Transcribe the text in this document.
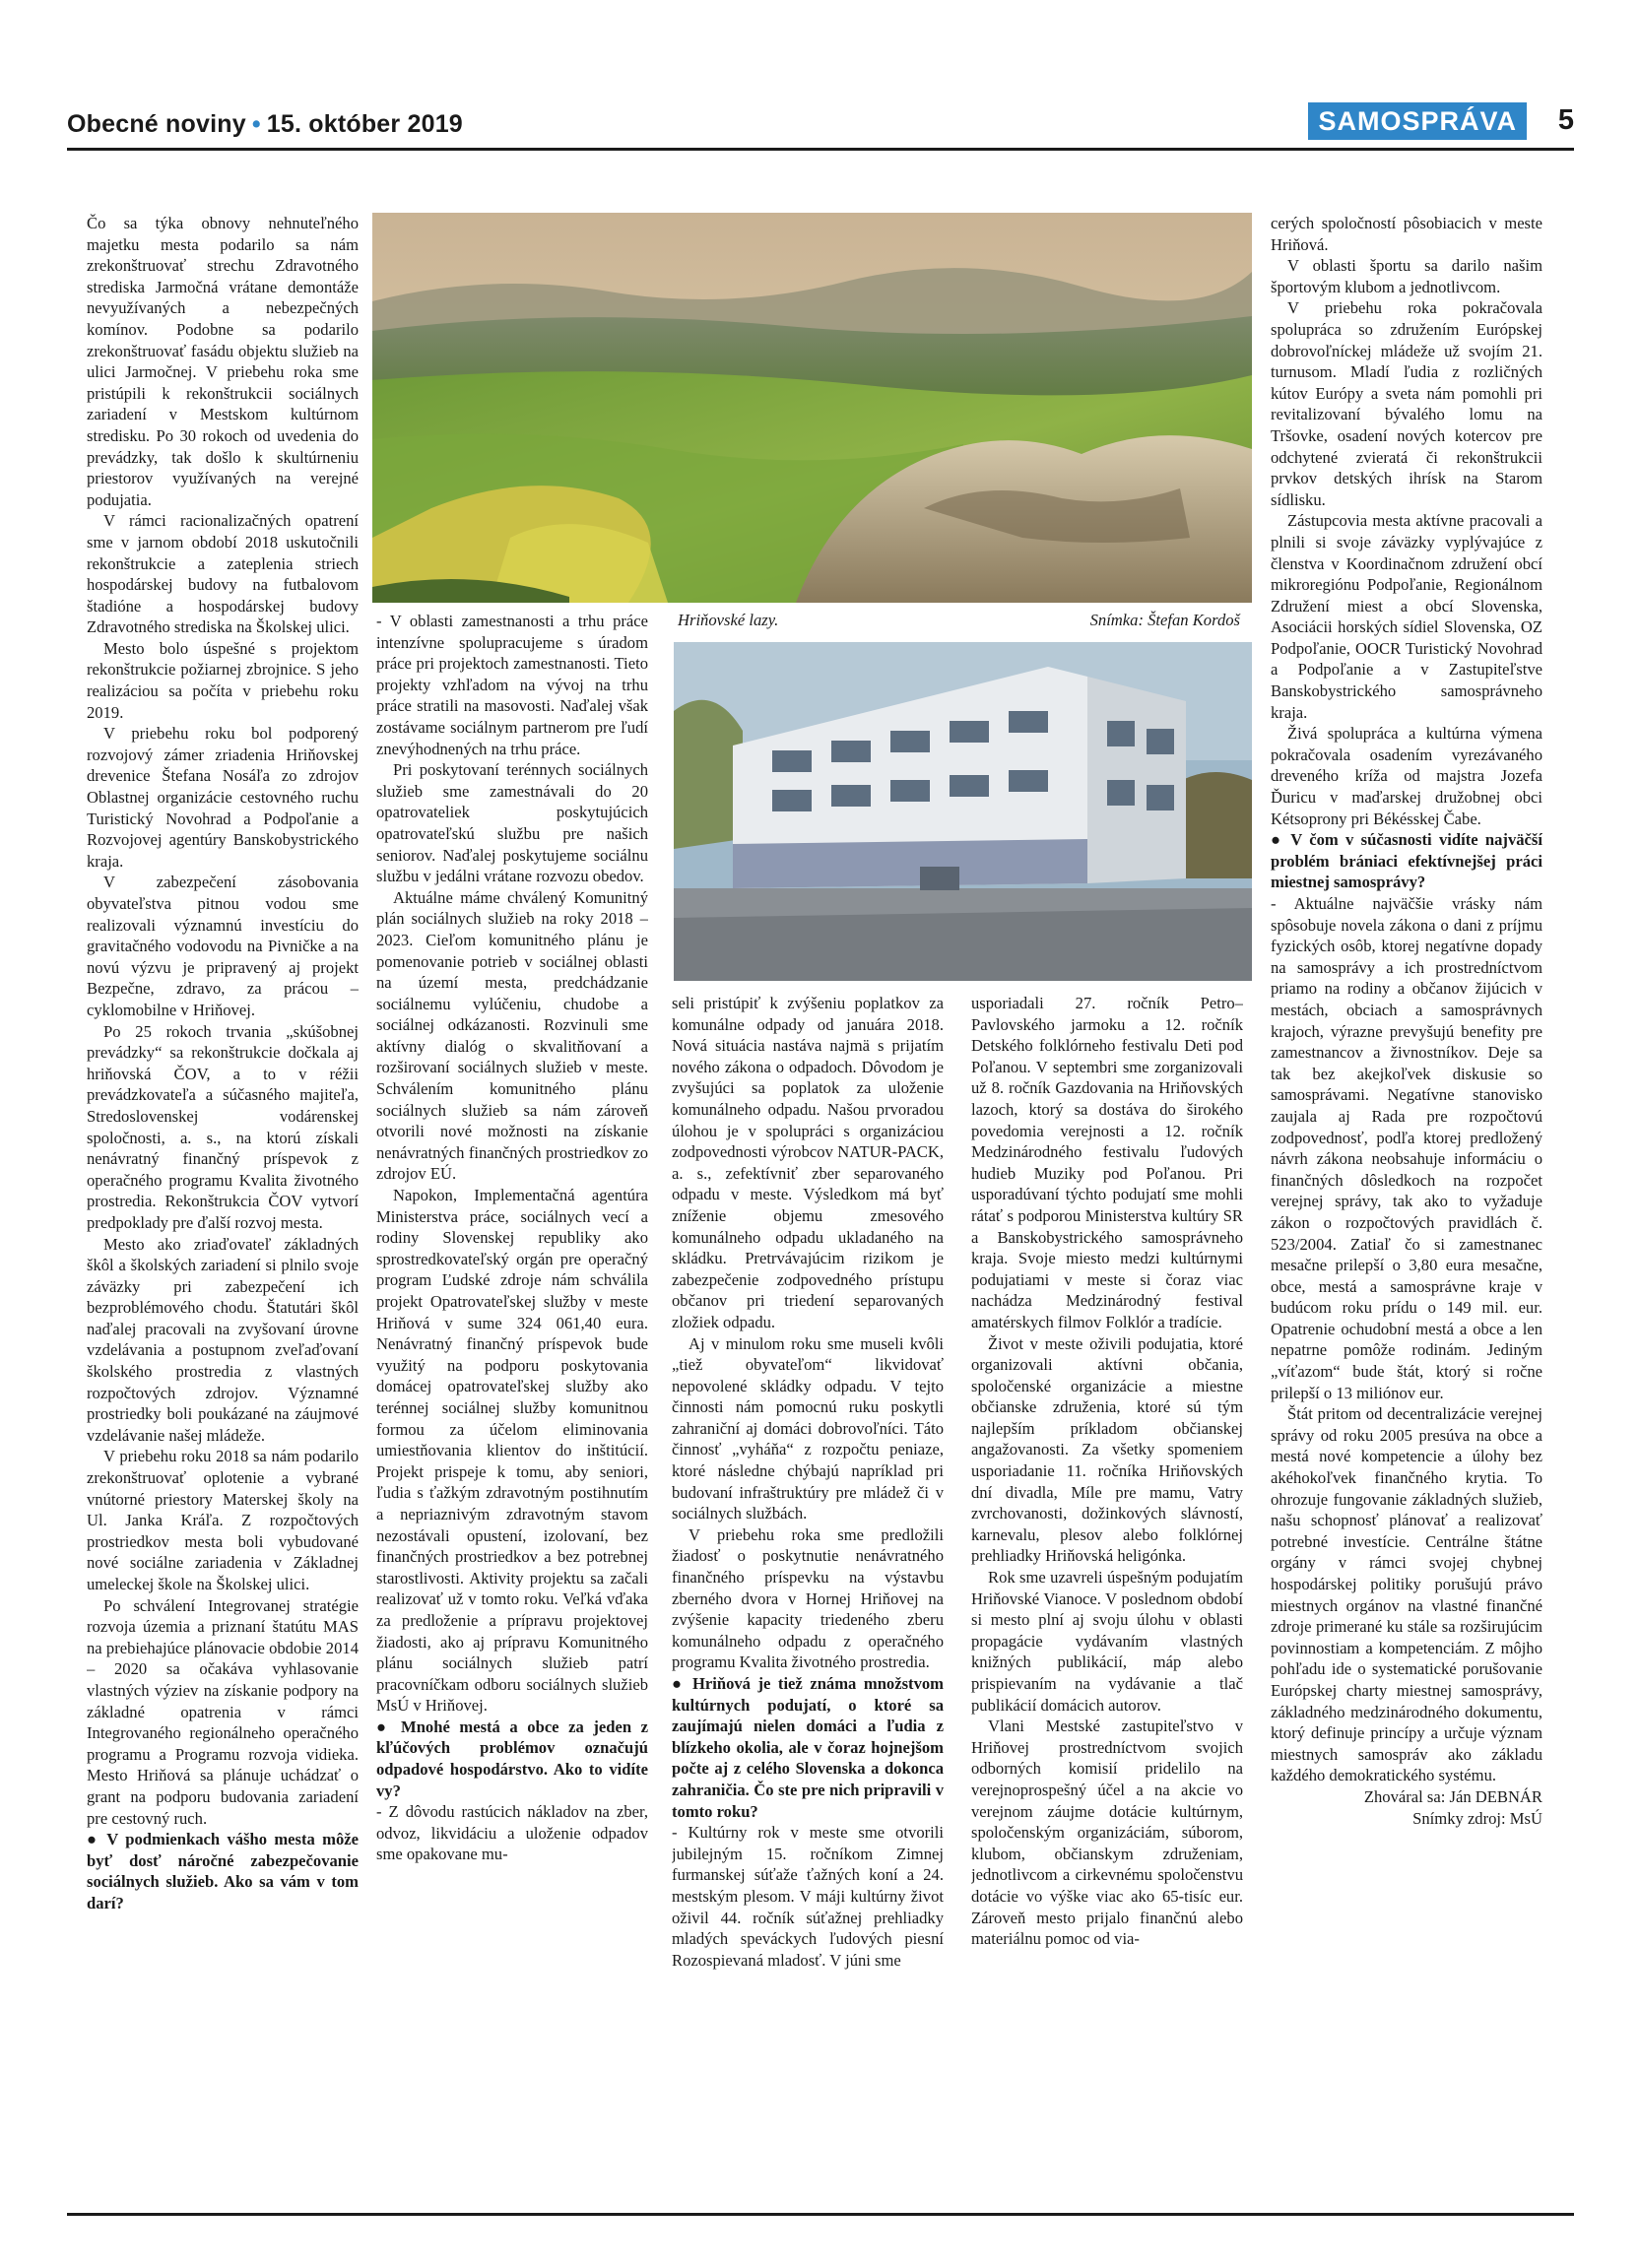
Obecné noviny • 15. október 2019	SAMOSPRÁVA	5
Hriňovské lazy.	Snímka: Štefan Kordoš

Čo sa týka obnovy nehnuteľného majetku mesta podarilo sa nám zrekonštruovať strechu Zdravotného strediska Jarmočná vrátane demontáže nevyužívaných a nebezpečných komínov. Podobne sa podarilo zrekonštruovať fasádu objektu služieb na ulici Jarmočnej. V priebehu roka sme pristúpili k rekonštrukcii sociálnych zariadení v Mestskom kultúrnom stredisku. Po 30 rokoch od uvedenia do prevádzky, tak došlo k skultúrneniu priestorov využívaných na verejné podujatia.

V rámci racionalizačných opatrení sme v jarnom období 2018 uskutočnili rekonštrukcie a zateplenia striech hospodárskej budovy na futbalovom štadióne a hospodárskej budovy Zdravotného strediska na Školskej ulici.

Mesto bolo úspešné s projektom rekonštrukcie požiarnej zbrojnice. S jeho realizáciou sa počíta v priebehu roku 2019.

V priebehu roku bol podporený rozvojový zámer zriadenia Hriňovskej drevenice Štefana Nosáľa zo zdrojov Oblastnej organizácie cestovného ruchu Turistický Novohrad a Podpoľanie a Rozvojovej agentúry Banskobystrického kraja.

V zabezpečení zásobovania obyvateľstva pitnou vodou sme realizovali významnú investíciu do gravitačného vodovodu na Pivničke a na novú výzvu je pripravený aj projekt Bezpečne, zdravo, za prácou – cyklomobilne v Hriňovej.

Po 25 rokoch trvania „skúšobnej prevádzky“ sa rekonštrukcie dočkala aj hriňovská ČOV, a to v réžii prevádzkovateľa a súčasného majiteľa, Stredoslovenskej vodárenskej spoločnosti, a. s., na ktorú získali nenávratný finančný príspevok z operačného programu Kvalita životného prostredia. Rekonštrukcia ČOV vytvorí predpoklady pre ďalší rozvoj mesta.

Mesto ako zriaďovateľ základných škôl a školských zariadení si plnilo svoje záväzky pri zabezpečení ich bezproblémového chodu. Štatutári škôl naďalej pracovali na zvyšovaní úrovne vzdelávania a postupnom zveľaďovaní školského prostredia z vlastných rozpočtových zdrojov. Významné prostriedky boli poukázané na záujmové vzdelávanie našej mládeže.

V priebehu roku 2018 sa nám podarilo zrekonštruovať oplotenie a vybrané vnútorné priestory Materskej školy na Ul. Janka Kráľa. Z rozpočtových prostriedkov mesta boli vybudované nové sociálne zariadenia v Základnej umeleckej škole na Školskej ulici.

Po schválení Integrovanej stratégie rozvoja územia a priznaní štatútu MAS na prebiehajúce plánovacie obdobie 2014 – 2020 sa očakáva vyhlasovanie vlastných výziev na získanie podpory na základné opatrenia v rámci Integrovaného regionálneho operačného programu a Programu rozvoja vidieka. Mesto Hriňová sa plánuje uchádzať o grant na podporu budovania zariadení pre cestovný ruch.

● V podmienkach vášho mesta môže byť dosť náročné zabezpečovanie sociálnych služieb. Ako sa vám v tom darí?

- V oblasti zamestnanosti a trhu práce intenzívne spolupracujeme s úradom práce pri projektoch zamestnanosti. Tieto projekty vzhľadom na vývoj na trhu práce stratili na masovosti. Naďalej však zostávame sociálnym partnerom pre ľudí znevýhodnených na trhu práce.

Pri poskytovaní terénnych sociálnych služieb sme zamestnávali do 20 opatrovateliek poskytujúcich opatrovateľskú službu pre našich seniorov. Naďalej poskytujeme sociálnu službu v jedálni vrátane rozvozu obedov.

Aktuálne máme chválený Komunitný plán sociálnych služieb na roky 2018 – 2023. Cieľom komunitného plánu je pomenovanie potrieb v sociálnej oblasti na území mesta, predchádzanie sociálnemu vylúčeniu, chudobe a sociálnej odkázanosti. Rozvinuli sme aktívny dialóg o skvalitňovaní a rozširovaní sociálnych služieb v meste. Schválením komunitného plánu sociálnych služieb sa nám zároveň otvorili nové možnosti na získanie nenávratných finančných prostriedkov zo zdrojov EÚ.

Napokon, Implementačná agentúra Ministerstva práce, sociálnych vecí a rodiny Slovenskej republiky ako sprostredkovateľský orgán pre operačný program Ľudské zdroje nám schválila projekt Opatrovateľskej služby v meste Hriňová v sume 324 061,40 eura. Nenávratný finančný príspevok bude využitý na podporu poskytovania domácej opatrovateľskej služby ako terénnej sociálnej služby komunitnou formou za účelom eliminovania umiestňovania klientov do inštitúcií. Projekt prispeje k tomu, aby seniori, ľudia s ťažkým zdravotným postihnutím a nepriaznivým zdravotným stavom nezostávali opustení, izolovaní, bez finančných prostriedkov a bez potrebnej starostlivosti. Aktivity projektu sa začali realizovať už v tomto roku. Veľká vďaka za predloženie a prípravu projektovej žiadosti, ako aj prípravu Komunitného plánu sociálnych služieb patrí pracovníčkam odboru sociálnych služieb MsÚ v Hriňovej.

● Mnohé mestá a obce za jeden z kľúčových problémov označujú odpadové hospodárstvo. Ako to vidíte vy?

- Z dôvodu rastúcich nákladov na zber, odvoz, likvidáciu a uloženie odpadov sme opakovane mu-

seli pristúpiť k zvýšeniu poplatkov za komunálne odpady od januára 2018. Nová situácia nastáva najmä s prijatím nového zákona o odpadoch. Dôvodom je zvyšujúci sa poplatok za uloženie komunálneho odpadu. Našou prvoradou úlohou je v spolupráci s organizáciou zodpovednosti výrobcov NATUR-PACK, a. s., zefektívniť zber separovaného odpadu v meste. Výsledkom má byť zníženie objemu zmesového komunálneho odpadu ukladaného na skládku. Pretrvávajúcim rizikom je zabezpečenie zodpovedného prístupu občanov pri triedení separovaných zložiek odpadu.

Aj v minulom roku sme museli kvôli „tiež obyvateľom“ likvidovať nepovolené skládky odpadu. V tejto činnosti nám pomocnú ruku poskytli zahraniční aj domáci dobrovoľníci. Táto činnosť „vyháňa“ z rozpočtu peniaze, ktoré následne chýbajú napríklad pri budovaní infraštruktúry pre mládež či v sociálnych službách.

V priebehu roka sme predložili žiadosť o poskytnutie nenávratného finančného príspevku na výstavbu zberného dvora v Hornej Hriňovej na zvýšenie kapacity triedeného zberu komunálneho odpadu z operačného programu Kvalita životného prostredia.

● Hriňová je tiež známa množstvom kultúrnych podujatí, o ktoré sa zaujímajú nielen domáci a ľudia z blízkeho okolia, ale v čoraz hojnejšom počte aj z celého Slovenska a dokonca zahraničia. Čo ste pre nich pripravili v tomto roku?

- Kultúrny rok v meste sme otvorili jubilejným 15. ročníkom Zimnej furmanskej súťaže ťažných koní a 24. mestským plesom. V máji kultúrny život oživil 44. ročník súťažnej prehliadky mladých speváckych ľudových piesní Rozospievaná mladosť. V júni sme

usporiadali 27. ročník Petro–Pavlovského jarmoku a 12. ročník Detského folklórneho festivalu Deti pod Poľanou. V septembri sme zorganizovali už 8. ročník Gazdovania na Hriňovských lazoch, ktorý sa dostáva do širokého povedomia verejnosti a 12. ročník Medzinárodného festivalu ľudových hudieb Muziky pod Poľanou. Pri usporadúvaní týchto podujatí sme mohli rátať s podporou Ministerstva kultúry SR a Banskobystrického samosprávneho kraja. Svoje miesto medzi kultúrnymi podujatiami v meste si čoraz viac nachádza Medzinárodný festival amatérskych filmov Folklór a tradície.

Život v meste oživili podujatia, ktoré organizovali aktívni občania, spoločenské organizácie a miestne občianske združenia, ktoré sú tým najlepším príkladom občianskej angažovanosti. Za všetky spomeniem usporiadanie 11. ročníka Hriňovských dní divadla, Míle pre mamu, Vatry zvrchovanosti, dožinkových slávností, karnevalu, plesov alebo folklórnej prehliadky Hriňovská heligónka.

Rok sme uzavreli úspešným podujatím Hriňovské Vianoce. V poslednom období si mesto plní aj svoju úlohu v oblasti propagácie vydávaním vlastných knižných publikácií, máp alebo prispievaním na vydávanie a tlač publikácií domácich autorov.

Vlani Mestské zastupiteľstvo v Hriňovej prostredníctvom svojich odborných komisií pridelilo na verejnoprospešný účel a na akcie vo verejnom záujme dotácie kultúrnym, spoločenským organizáciám, súborom, klubom, občianskym združeniam, jednotlivcom a cirkevnému spoločenstvu dotácie vo výške viac ako 65-tisíc eur. Zároveň mesto prijalo finančnú alebo materiálnu pomoc od via-

cerých spoločností pôsobiacich v meste Hriňová.

V oblasti športu sa darilo našim športovým klubom a jednotlivcom.

V priebehu roka pokračovala spolupráca so združením Európskej dobrovoľníckej mládeže už svojím 21. turnusom. Mladí ľudia z rozličných kútov Európy a sveta nám pomohli pri revitalizovaní bývalého lomu na Tršovke, osadení nových kotercov pre odchytené zvieratá či rekonštrukcii prvkov detských ihrísk na Starom sídlisku.

Zástupcovia mesta aktívne pracovali a plnili si svoje záväzky vyplývajúce z členstva v Koordinačnom združení obcí mikroregiónu Podpoľanie, Regionálnom Združení miest a obcí Slovenska, Asociácii horských sídiel Slovenska, OZ Podpoľanie, OOCR Turistický Novohrad a Podpoľanie a v Zastupiteľstve Banskobystrického samosprávneho kraja.

Živá spolupráca a kultúrna výmena pokračovala osadením vyrezávaného dreveného kríža od majstra Jozefa Ďuricu v maďarskej družobnej obci Kétsoprony pri Békésskej Čabe.

● V čom v súčasnosti vidíte najväčší problém brániaci efektívnejšej práci miestnej samosprávy?

- Aktuálne najväčšie vrásky nám spôsobuje novela zákona o dani z príjmu fyzických osôb, ktorej negatívne dopady na samosprávy a ich prostredníctvom priamo na rodiny a občanov žijúcich v mestách, obciach a samosprávnych krajoch, výrazne prevyšujú benefity pre zamestnancov a živnostníkov. Deje sa tak bez akejkoľvek diskusie so samosprávami. Negatívne stanovisko zaujala aj Rada pre rozpočtovú zodpovednosť, podľa ktorej predložený návrh zákona neobsahuje informáciu o finančných dôsledkoch na rozpočet verejnej správy, tak ako to vyžaduje zákon o rozpočtových pravidlách č. 523/2004. Zatiaľ čo si zamestnanec mesačne prilepší o 3,80 eura mesačne, obce, mestá a samosprávne kraje v budúcom roku prídu o 149 mil. eur. Opatrenie ochudobní mestá a obce a len nepatrne pomôže rodinám. Jediným „víťazom“ bude štát, ktorý si ročne prilepší o 13 miliónov eur.

Štát pritom od decentralizácie verejnej správy od roku 2005 presúva na obce a mestá nové kompetencie a úlohy bez akéhokoľvek finančného krytia. To ohrozuje fungovanie základných služieb, našu schopnosť plánovať a realizovať potrebné investície. Centrálne štátne orgány v rámci svojej chybnej hospodárskej politiky porušujú právo miestnych orgánov na vlastné finančné zdroje primerané ku stále sa rozširujúcim povinnostiam a kompetenciám. Z môjho pohľadu ide o systematické porušovanie Európskej charty miestnej samosprávy, základného medzinárodného dokumentu, ktorý definuje princípy a určuje význam miestnych samospráv ako základu každého demokratického systému.

Zhováral sa: Ján DEBNÁR

Snímky zdroj: MsÚ
